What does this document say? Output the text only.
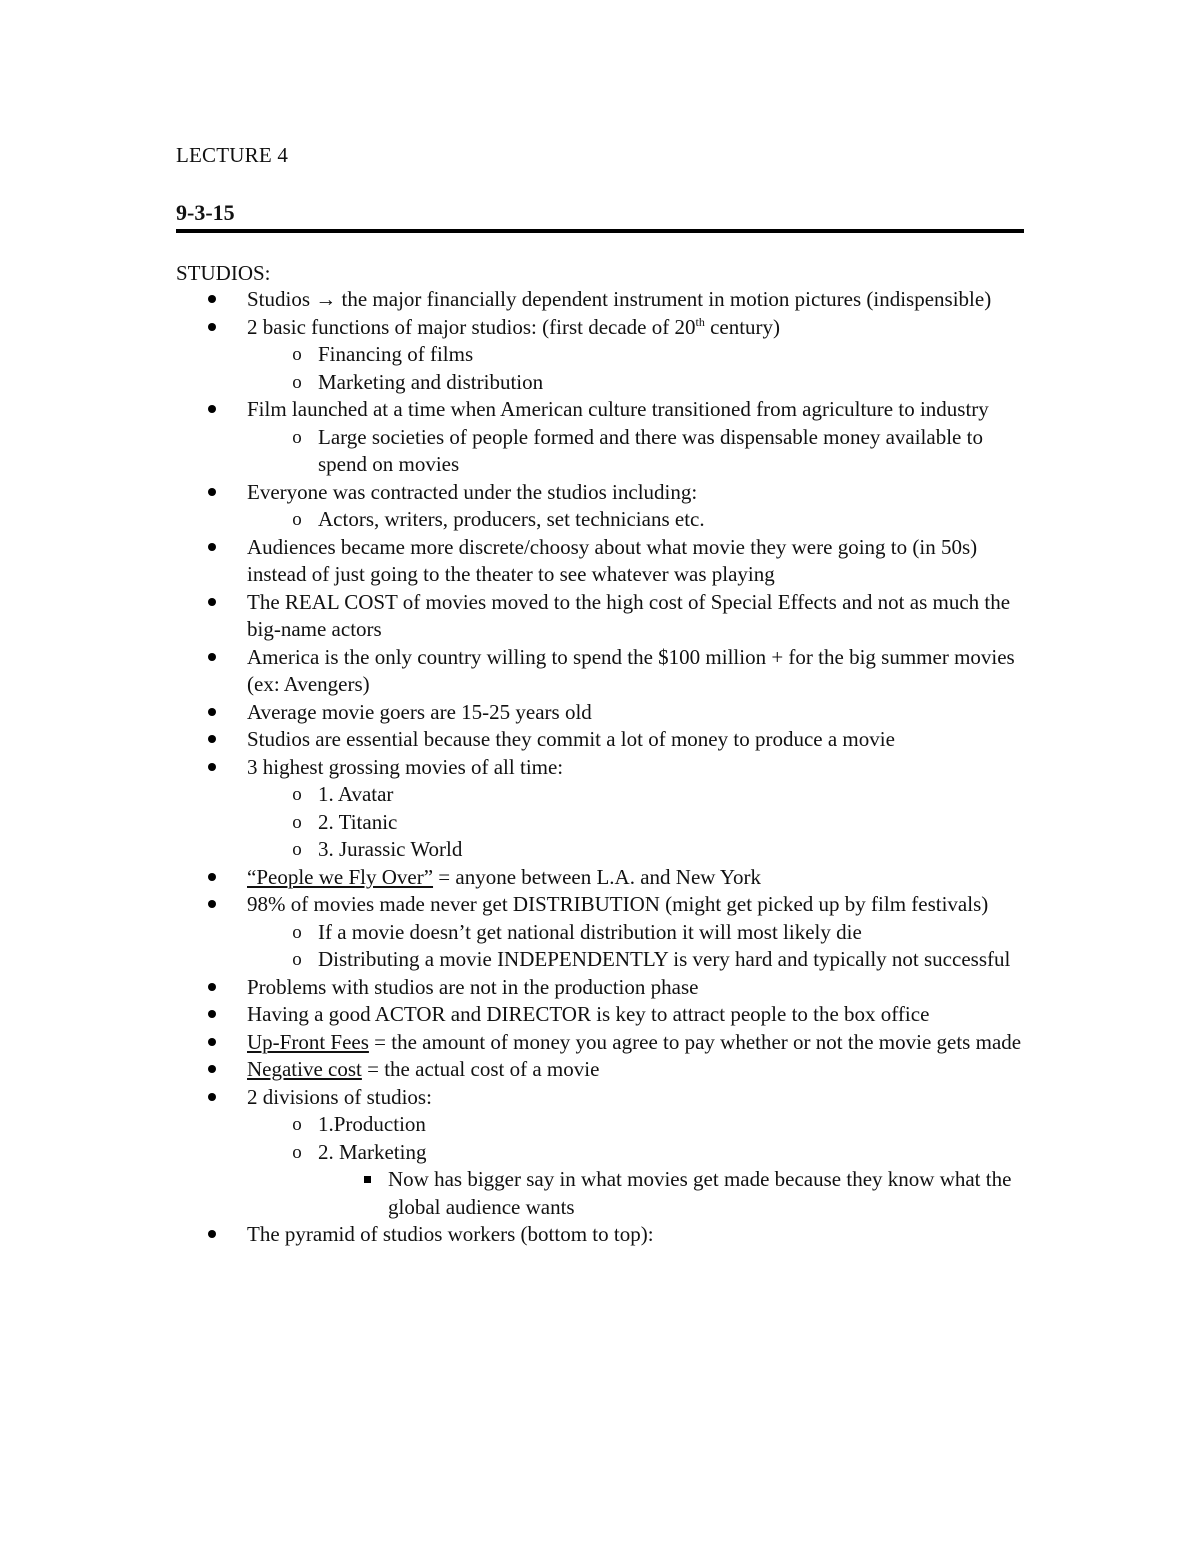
LECTURE 4
9-3-15
STUDIOS:
Studios → the major financially dependent instrument in motion pictures (indispensible)
2 basic functions of major studios: (first decade of 20th century)
o Financing of films
o Marketing and distribution
Film launched at a time when American culture transitioned from agriculture to industry
o Large societies of people formed and there was dispensable money available to spend on movies
Everyone was contracted under the studios including:
o Actors, writers, producers, set technicians etc.
Audiences became more discrete/choosy about what movie they were going to (in 50s) instead of just going to the theater to see whatever was playing
The REAL COST of movies moved to the high cost of Special Effects and not as much the big-name actors
America is the only country willing to spend the $100 million + for the big summer movies (ex: Avengers)
Average movie goers are 15-25 years old
Studios are essential because they commit a lot of money to produce a movie
3 highest grossing movies of all time:
o 1. Avatar
o 2. Titanic
o 3. Jurassic World
“People we Fly Over” = anyone between L.A. and New York
98% of movies made never get DISTRIBUTION (might get picked up by film festivals)
o If a movie doesn’t get national distribution it will most likely die
o Distributing a movie INDEPENDENTLY is very hard and typically not successful
Problems with studios are not in the production phase
Having a good ACTOR and DIRECTOR is key to attract people to the box office
Up-Front Fees = the amount of money you agree to pay whether or not the movie gets made
Negative cost = the actual cost of a movie
2 divisions of studios:
o 1.Production
o 2. Marketing
Now has bigger say in what movies get made because they know what the global audience wants
The pyramid of studios workers (bottom to top):
